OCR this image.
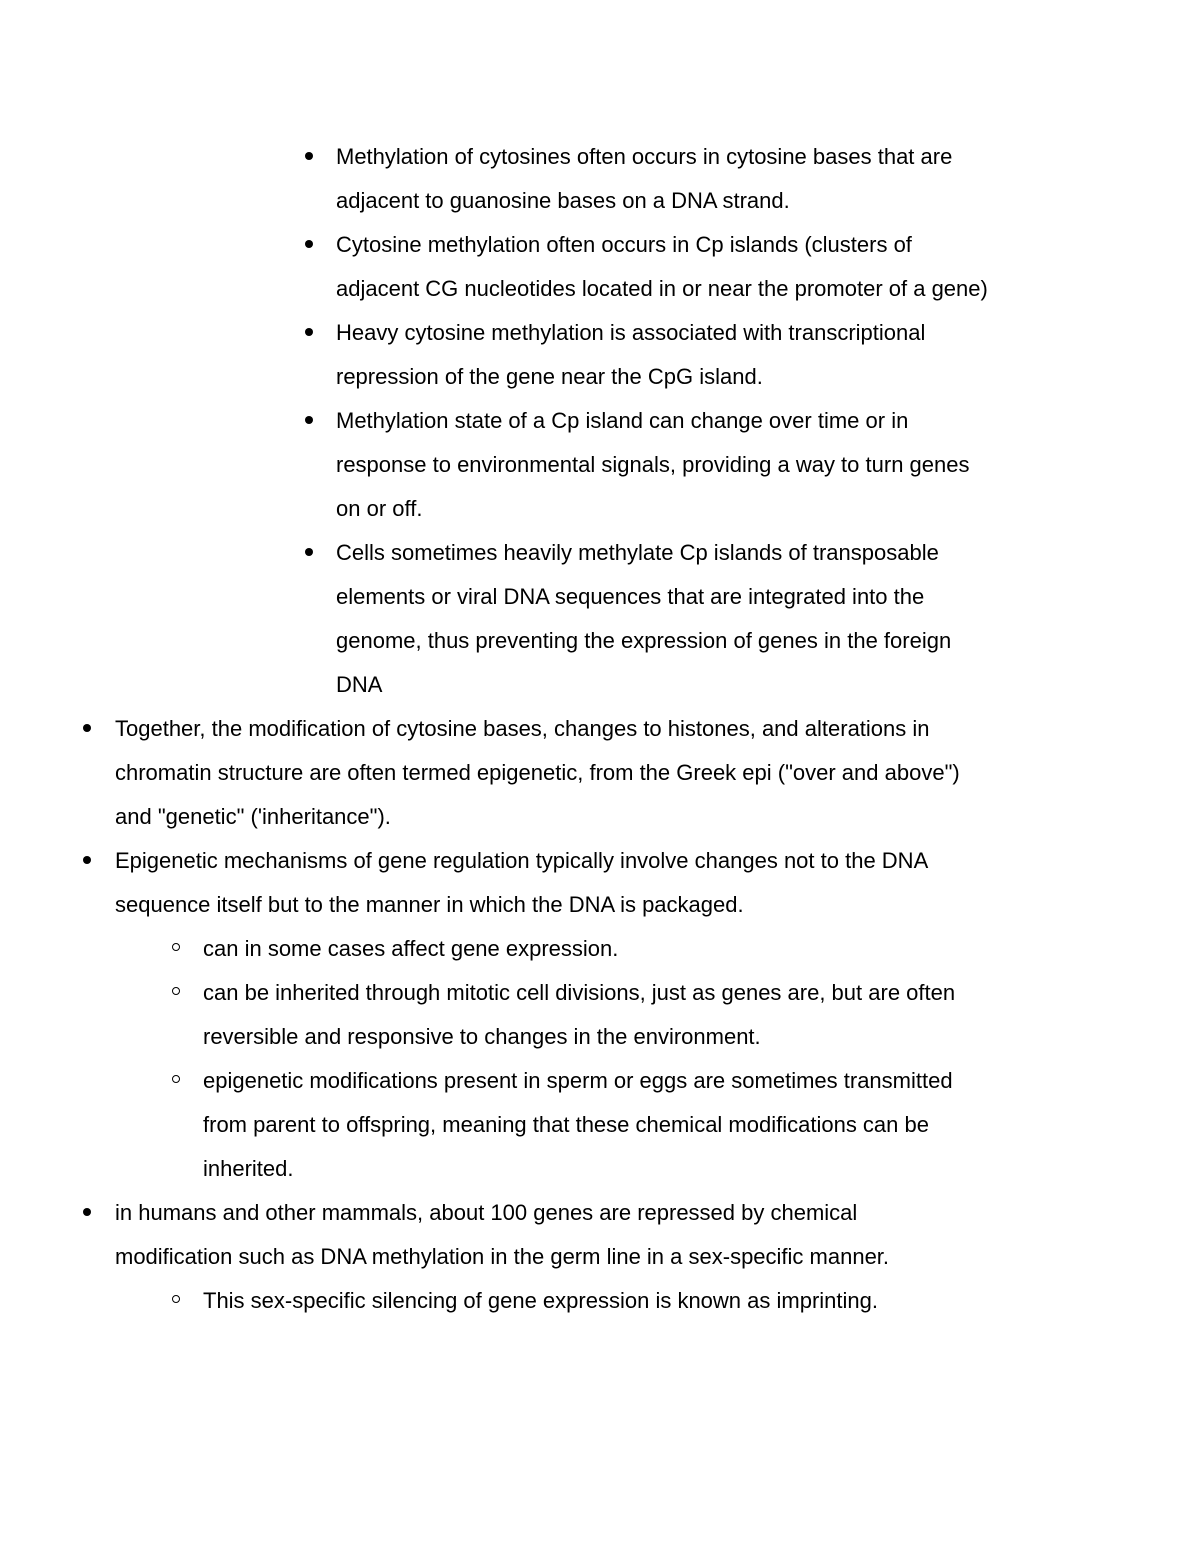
Methylation of cytosines often occurs in cytosine bases that are
adjacent to guanosine bases on a DNA strand.
Cytosine methylation often occurs in Cp islands (clusters of
adjacent CG nucleotides located in or near the promoter of a gene)
Heavy cytosine methylation is associated with transcriptional
repression of the gene near the CpG island.
Methylation state of a Cp island can change over time or in
response to environmental signals, providing a way to turn genes
on or off.
Cells sometimes heavily methylate Cp islands of transposable
elements or viral DNA sequences that are integrated into the
genome, thus preventing the expression of genes in the foreign
DNA
Together, the modification of cytosine bases, changes to histones, and alterations in
chromatin structure are often termed epigenetic, from the Greek epi ("over and above")
and "genetic" ('inheritance").
Epigenetic mechanisms of gene regulation typically involve changes not to the DNA
sequence itself but to the manner in which the DNA is packaged.
can in some cases affect gene expression.
can be inherited through mitotic cell divisions, just as genes are, but are often
reversible and responsive to changes in the environment.
epigenetic modifications present in sperm or eggs are sometimes transmitted
from parent to offspring, meaning that these chemical modifications can be
inherited.
in humans and other mammals, about 100 genes are repressed by chemical
modification such as DNA methylation in the germ line in a sex-specific manner.
This sex-specific silencing of gene expression is known as imprinting.
